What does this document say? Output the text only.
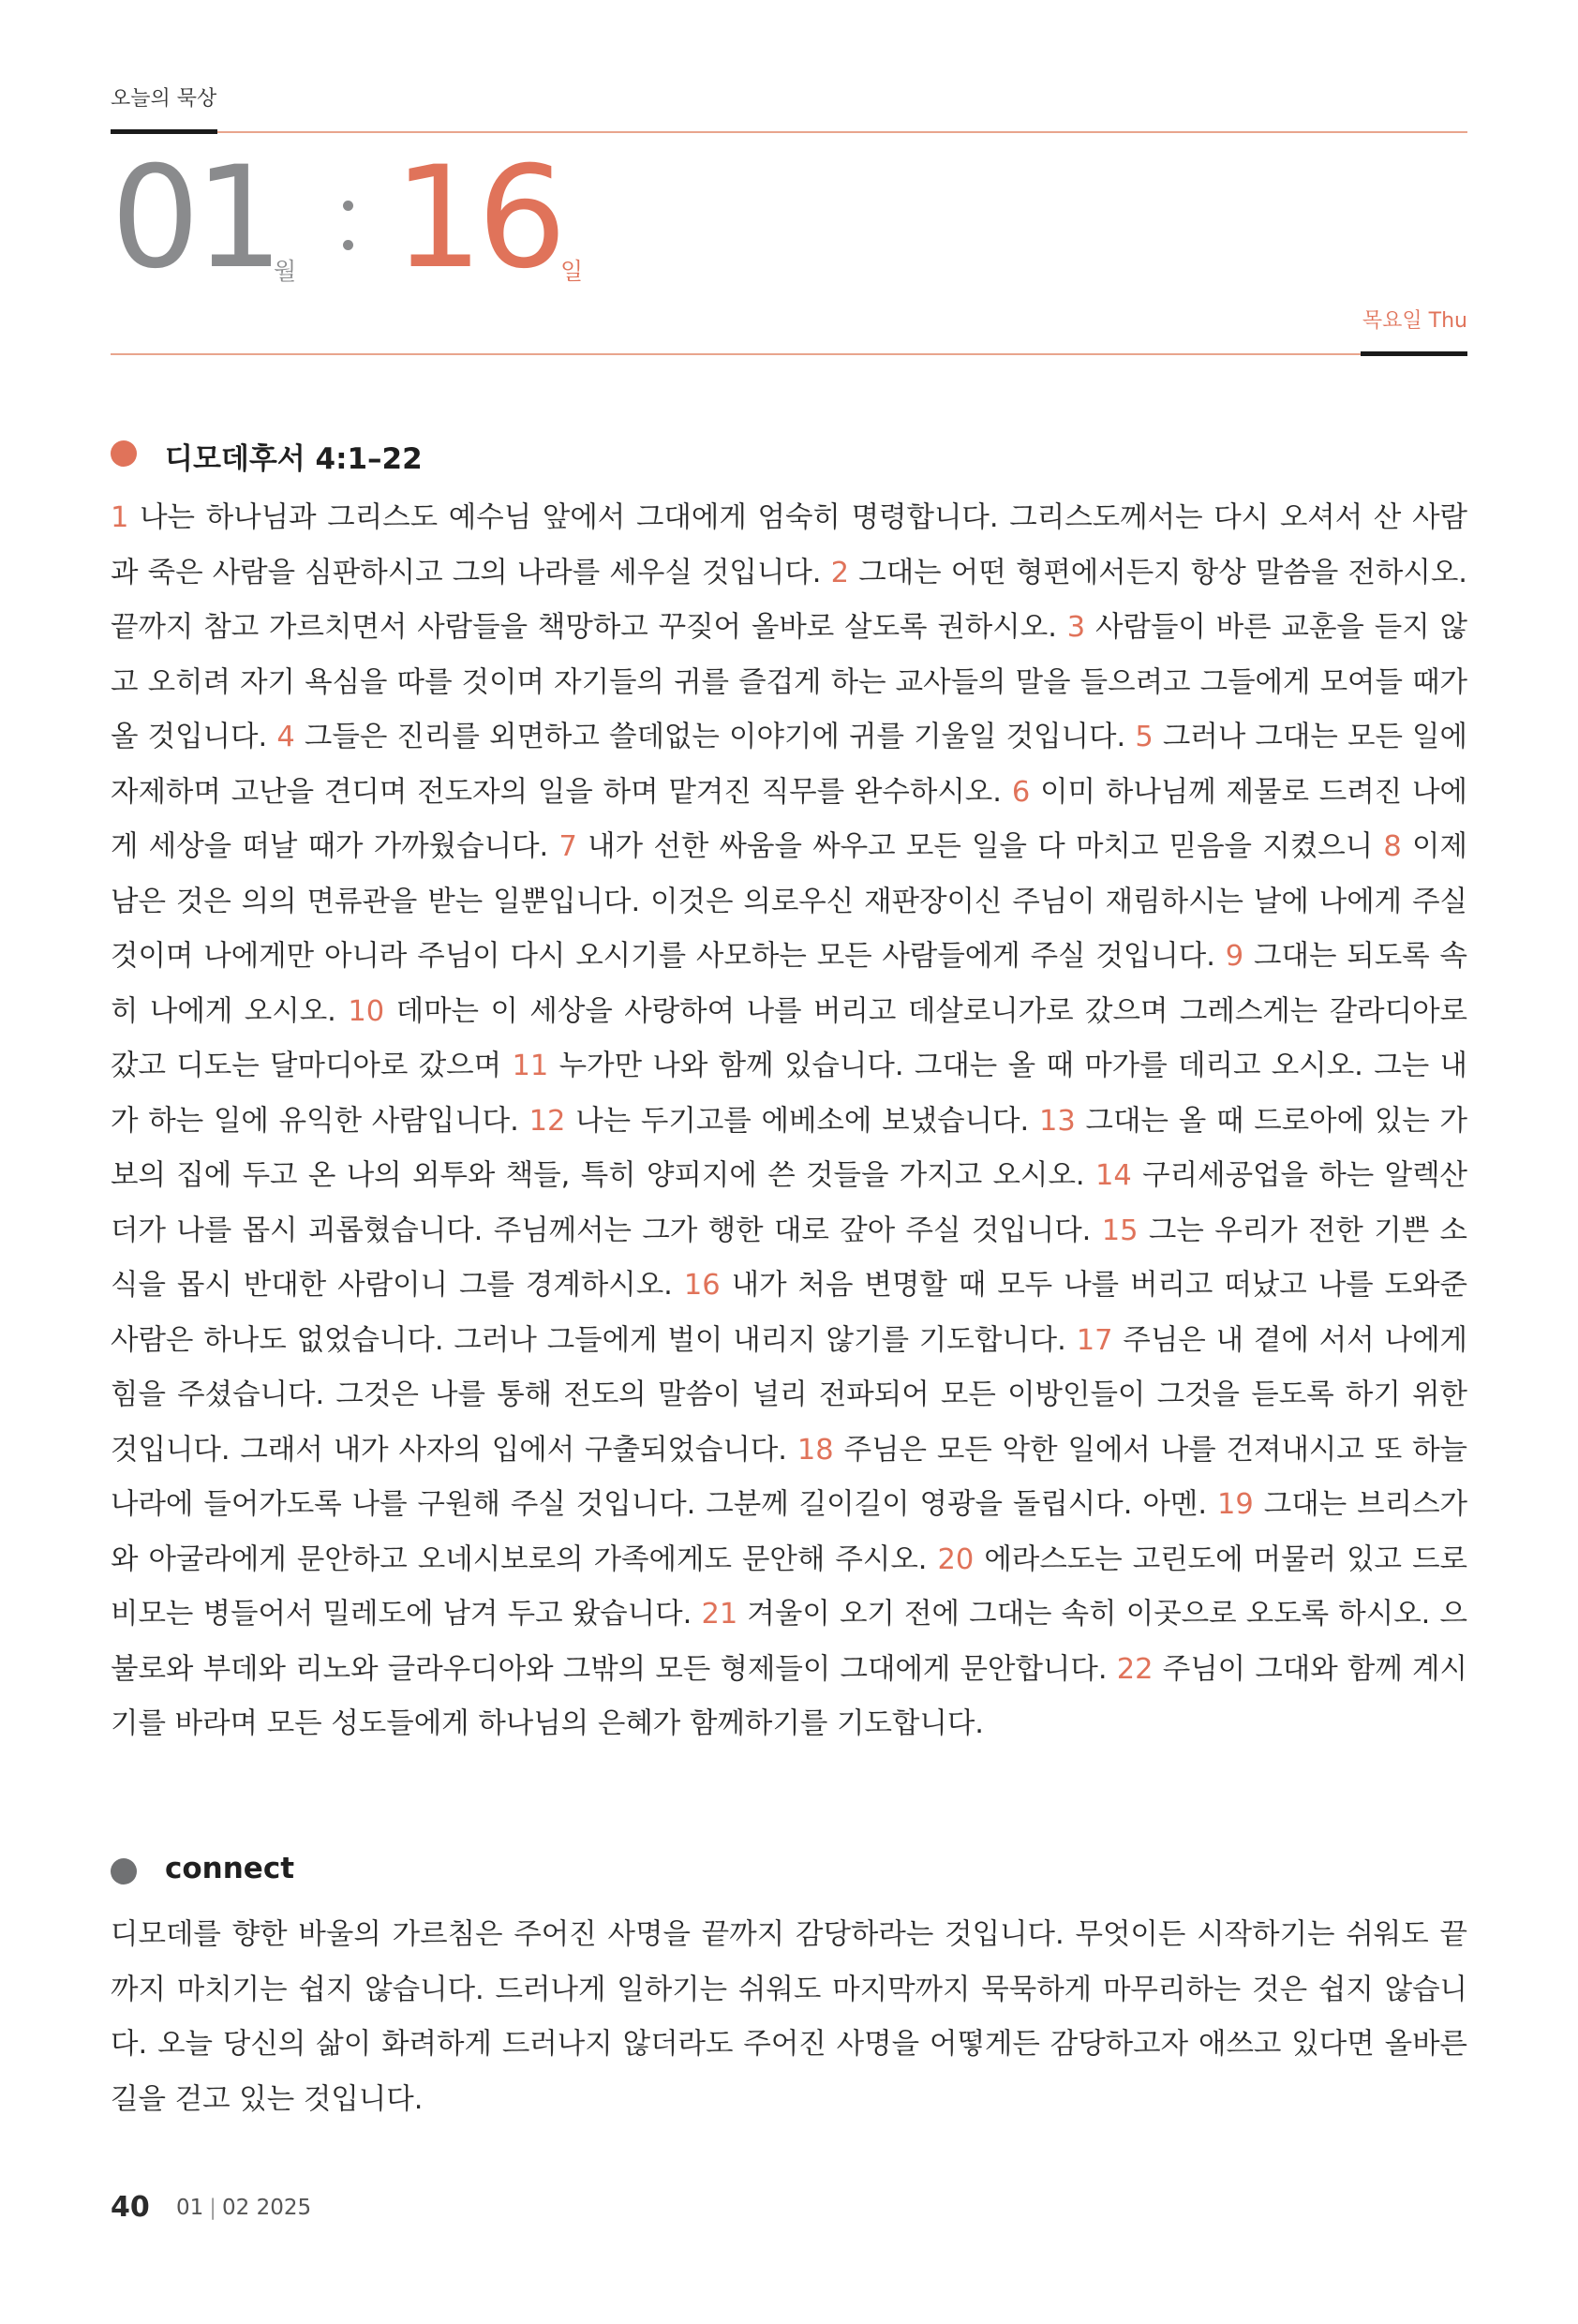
오늘의 묵상
01
월 16 일
목요일 Thu
디모데후서 4:1–22
1 나는 하나님과 그리스도 예수님 앞에서 그대에게 엄숙히 명령합니다. 그리스도께서는 다시 오셔서 산 사람과 죽은 사람을 심판하시고 그의 나라를 세우실 것입니다. 2 그대는 어떤 형편에서든지 항상 말씀을 전하시오. 끝까지 참고 가르치면서 사람들을 책망하고 꾸짖어 올바로 살도록 권하시오. 3 사람들이 바른 교훈을 듣지 않고 오히려 자기 욕심을 따를 것이며 자기들의 귀를 즐겁게 하는 교사들의 말을 들으려고 그들에게 모여들 때가 올 것입니다. 4 그들은 진리를 외면하고 쓸데없는 이야기에 귀를 기울일 것입니다. 5 그러나 그대는 모든 일에 자제하며 고난을 견디며 전도자의 일을 하며 맡겨진 직무를 완수하시오. 6 이미 하나님께 제물로 드려진 나에게 세상을 떠날 때가 가까웠습니다. 7 내가 선한 싸움을 싸우고 모든 일을 다 마치고 믿음을 지켰으니 8 이제 남은 것은 의의 면류관을 받는 일뿐입니다. 이것은 의로우신 재판장이신 주님이 재림하시는 날에 나에게 주실 것이며 나에게만 아니라 주님이 다시 오시기를 사모하는 모든 사람들에게 주실 것입니다. 9 그대는 되도록 속히 나에게 오시오. 10 데마는 이 세상을 사랑하여 나를 버리고 데살로니가로 갔으며 그레스게는 갈라디아로 갔고 디도는 달마디아로 갔으며 11 누가만 나와 함께 있습니다. 그대는 올 때 마가를 데리고 오시오. 그는 내가 하는 일에 유익한 사람입니다. 12 나는 두기고를 에베소에 보냈습니다. 13 그대는 올 때 드로아에 있는 가보의 집에 두고 온 나의 외투와 책들, 특히 양피지에 쓴 것들을 가지고 오시오. 14 구리세공업을 하는 알렉산더가 나를 몹시 괴롭혔습니다. 주님께서는 그가 행한 대로 갚아 주실 것입니다. 15 그는 우리가 전한 기쁜 소식을 몹시 반대한 사람이니 그를 경계하시오. 16 내가 처음 변명할 때 모두 나를 버리고 떠났고 나를 도와준 사람은 하나도 없었습니다. 그러나 그들에게 벌이 내리지 않기를 기도합니다. 17 주님은 내 곁에 서서 나에게 힘을 주셨습니다. 그것은 나를 통해 전도의 말씀이 널리 전파되어 모든 이방인들이 그것을 듣도록 하기 위한 것입니다. 그래서 내가 사자의 입에서 구출되었습니다. 18 주님은 모든 악한 일에서 나를 건져내시고 또 하늘 나라에 들어가도록 나를 구원해 주실 것입니다. 그분께 길이길이 영광을 돌립시다. 아멘. 19 그대는 브리스가와 아굴라에게 문안하고 오네시보로의 가족에게도 문안해 주시오. 20 에라스도는 고린도에 머물러 있고 드로비모는 병들어서 밀레도에 남겨 두고 왔습니다. 21 겨울이 오기 전에 그대는 속히 이곳으로 오도록 하시오. 으불로와 부데와 리노와 글라우디아와 그밖의 모든 형제들이 그대에게 문안합니다. 22 주님이 그대와 함께 계시기를 바라며 모든 성도들에게 하나님의 은혜가 함께하기를 기도합니다.
connect
디모데를 향한 바울의 가르침은 주어진 사명을 끝까지 감당하라는 것입니다. 무엇이든 시작하기는 쉬워도 끝까지 마치기는 쉽지 않습니다. 드러나게 일하기는 쉬워도 마지막까지 묵묵하게 마무리하는 것은 쉽지 않습니다. 오늘 당신의 삶이 화려하게 드러나지 않더라도 주어진 사명을 어떻게든 감당하고자 애쓰고 있다면 올바른 길을 걷고 있는 것입니다.
40 01 | 02 2025
